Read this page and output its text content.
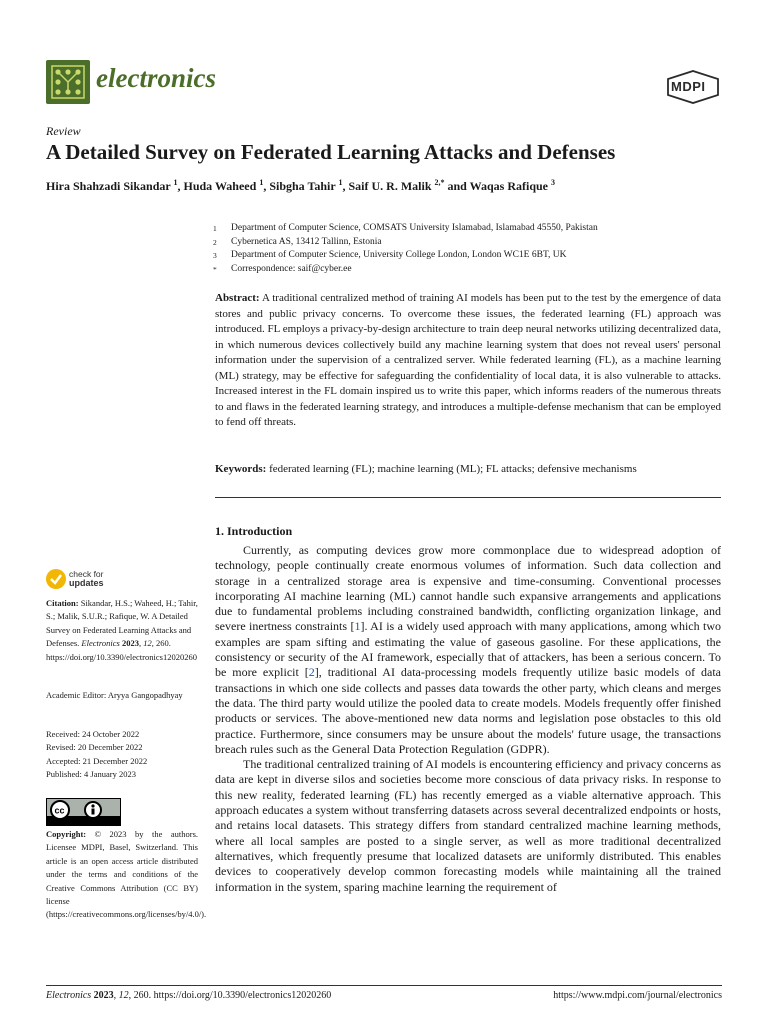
electronics	MDPI
Review
A Detailed Survey on Federated Learning Attacks and Defenses
Hira Shahzadi Sikandar $^1$, Huda Waheed $^1$, Sibgha Tahir $^1$, Saif U. R. Malik $^{2,*}$ and Waqas Rafique $^3$
1	Department of Computer Science, COMSATS University Islamabad, Islamabad 45550, Pakistan
2	Cybernetica AS, 13412 Tallinn, Estonia
3	Department of Computer Science, University College London, London WC1E 6BT, UK
*	Correspondence: saif@cyber.ee
Abstract: A traditional centralized method of training AI models has been put to the test by the emergence of data stores and public privacy concerns. To overcome these issues, the federated learning (FL) approach was introduced. FL employs a privacy-by-design architecture to train deep neural networks utilizing decentralized data, in which numerous devices collectively build any machine learning system that does not reveal users' personal information under the supervision of a centralized server. While federated learning (FL), as a machine learning (ML) strategy, may be effective for safeguarding the confidentiality of local data, it is also vulnerable to attacks. Increased interest in the FL domain inspired us to write this paper, which informs readers of the numerous threats to and flaws in the federated learning strategy, and introduces a multiple-defense mechanism that can be employed to fend off threats.
Keywords: federated learning (FL); machine learning (ML); FL attacks; defensive mechanisms
check for
updates
Citation: Sikandar, H.S.; Waheed, H.; Tahir, S.; Malik, S.U.R.; Rafique, W. A Detailed Survey on Federated Learning Attacks and Defenses. Electronics 2023, 12, 260. https://doi.org/10.3390/electronics12020260
Academic Editor: Aryya Gangopadhyay
Received: 24 October 2022
Revised: 20 December 2022
Accepted: 21 December 2022
Published: 4 January 2023
cc
Copyright: © 2023 by the authors. Licensee MDPI, Basel, Switzerland. This article is an open access article distributed under the terms and conditions of the Creative Commons Attribution (CC BY) license (https://creativecommons.org/licenses/by/4.0/).
1. Introduction

Currently, as computing devices grow more commonplace due to widespread adoption of technology, people continually create enormous volumes of information. Such data collection and storage in a centralized storage area is expensive and time-consuming. Conventional processes incorporating AI machine learning (ML) cannot handle such expansive arrangements and applications due to fundamental problems including constrained bandwidth, conflicting organization linkage, and severe inertness constraints [1]. AI is a widely used approach with many applications, among which two examples are spam sifting and estimating the value of gaseous gasoline. For these applications, the consistency or security of the AI framework, especially that of attackers, has been a serious concern. To be more explicit [2], traditional AI data-processing models frequently utilize basic models of data transactions in which one side collects and passes data towards the other party, which cleans and merges the data. The third party would utilize the pooled data to create models. Models frequently offer finished products or services. The above-mentioned new data norms and legislation pose obstacles to this old practice. Furthermore, since consumers may be unsure about the models' future usage, the transactions breach rules such as the General Data Protection Regulation (GDPR).

The traditional centralized training of AI models is encountering efficiency and privacy concerns as data are kept in diverse silos and societies become more conscious of data privacy risks. In response to this new reality, federated learning (FL) has recently emerged as a viable alternative approach. This approach educates a system without transferring datasets across several decentralized endpoints or hosts, and retains local datasets. This strategy differs from standard centralized machine learning methods, where all local samples are posted to a single server, as well as more traditional decentralized alternatives, which frequently presume that localized datasets are uniformly distributed. This enables devices to cooperatively develop common forecasting models while maintaining all the trained information in the system, sparing machine learning the requirement of

Electronics 2023, 12, 260. https://doi.org/10.3390/electronics12020260	https://www.mdpi.com/journal/electronics
